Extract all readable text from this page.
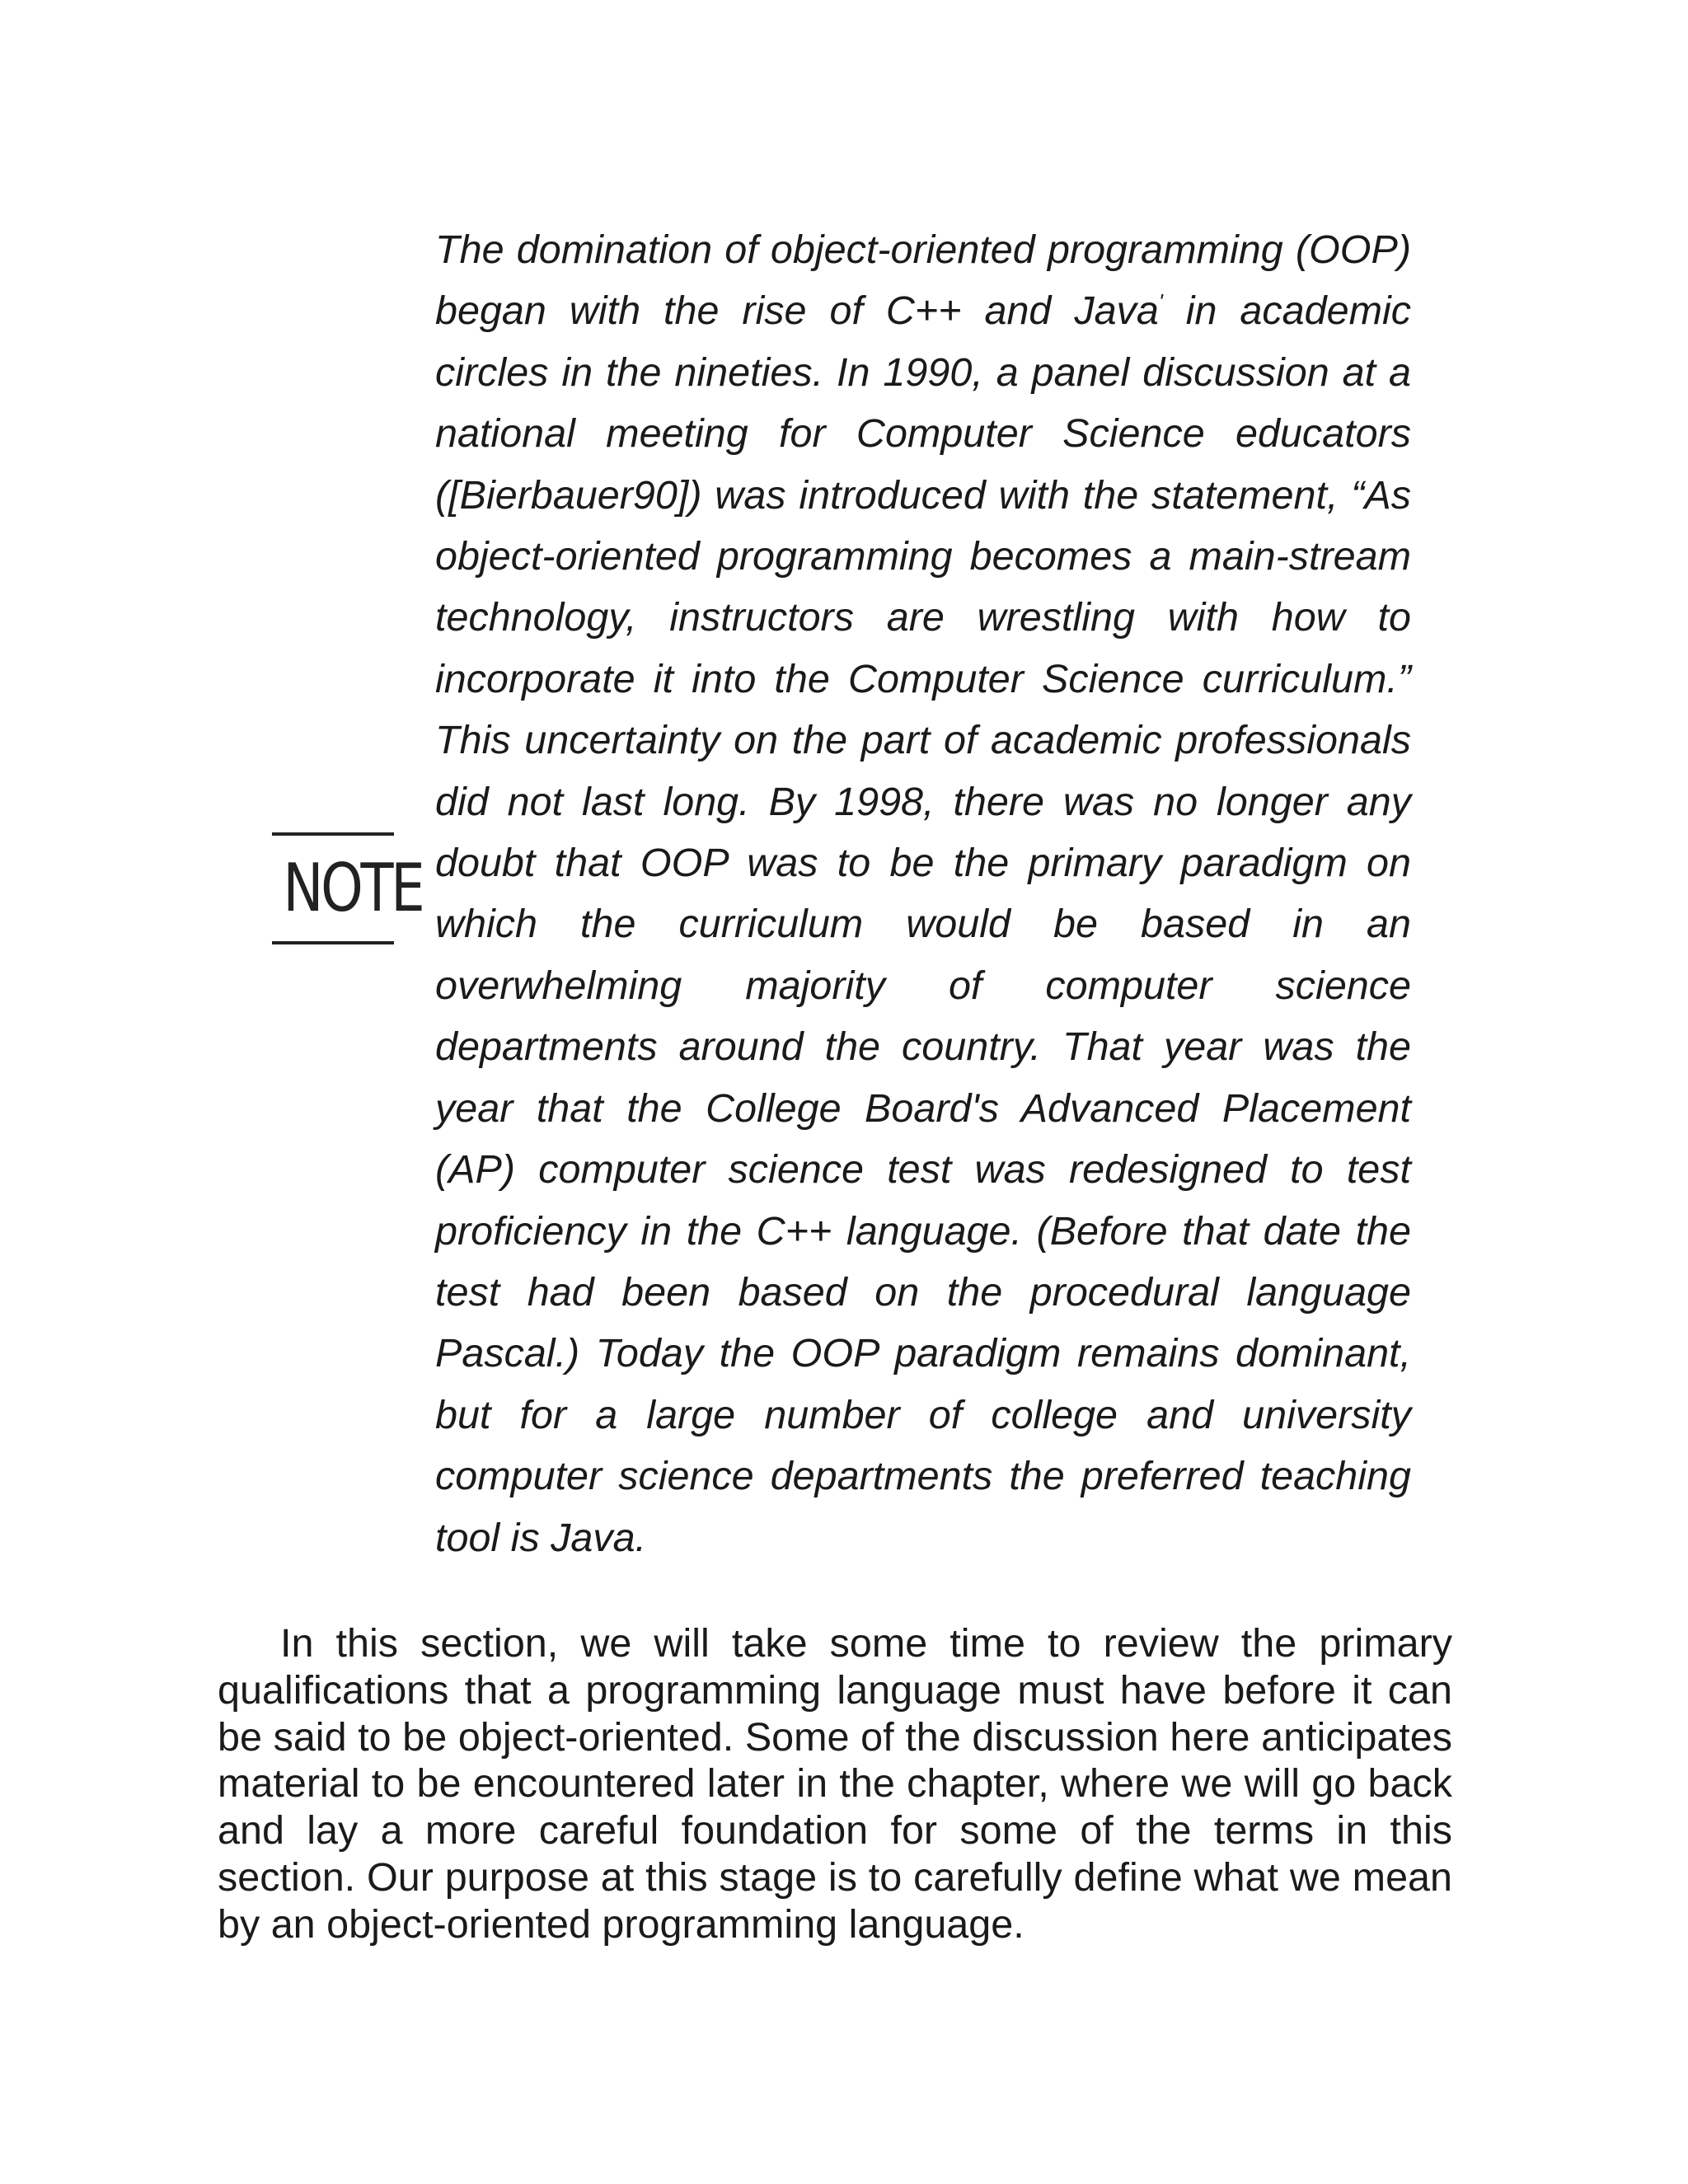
NOTE

The domination of object-oriented programming (OOP) began with the rise of C++ and Java' in academic circles in the nineties. In 1990, a panel discussion at a national meeting for Computer Science educators ([Bierbauer90]) was introduced with the statement, “As object-oriented programming becomes a main-stream technology, instructors are wrestling with how to incorporate it into the Computer Science curriculum.” This uncertainty on the part of academic professionals did not last long. By 1998, there was no longer any doubt that OOP was to be the primary paradigm on which the curriculum would be based in an overwhelming majority of computer science departments around the country. That year was the year that the College Board's Advanced Placement (AP) computer science test was redesigned to test proficiency in the C++ language. (Before that date the test had been based on the procedural language Pascal.) Today the OOP paradigm remains dominant, but for a large number of college and university computer science departments the preferred teaching tool is Java.

In this section, we will take some time to review the primary qualifications that a programming language must have before it can be said to be object-oriented. Some of the discussion here anticipates material to be encountered later in the chapter, where we will go back and lay a more careful foundation for some of the terms in this section. Our purpose at this stage is to carefully define what we mean by an object-oriented programming language.
